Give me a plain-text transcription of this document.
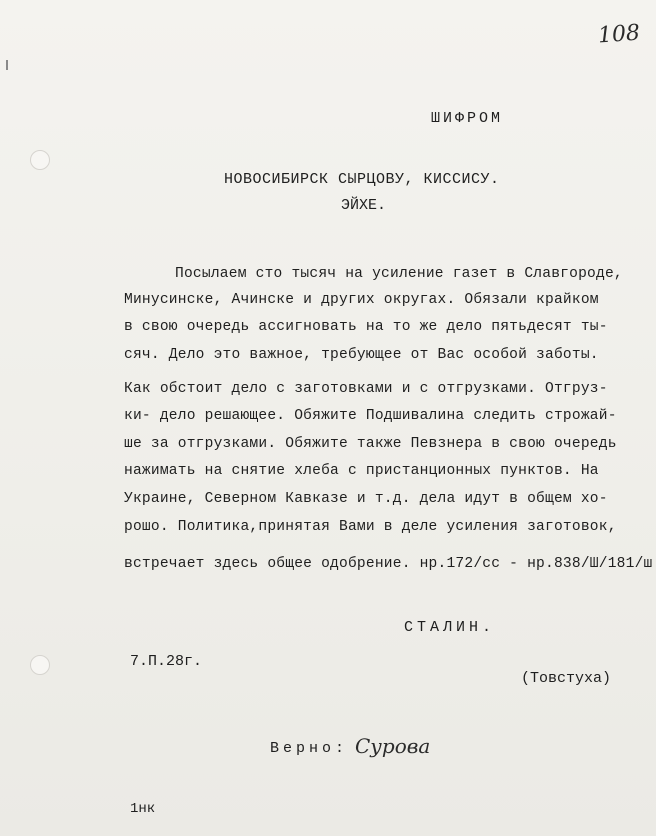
108
ШИФРОМ
НОВОСИБИРСК СЫРЦОВУ, КИССИСУ.
ЭЙХЕ.
Посылаем сто тысяч на усиление газет в Славгороде,
Минусинске, Ачинске и других округах. Обязали крайком
в свою очередь ассигновать на то же дело пятьдесят ты-
сяч. Дело это важное, требующее от Вас особой заботы.
Как обстоит дело с заготовками и с отгрузками. Отгруз-
ки- дело решающее. Обяжите Подшивалина следить строжай-
ше за отгрузками. Обяжите также Певзнера в свою очередь
нажимать на снятие хлеба с пристанционных пунктов. На
Украине, Северном Кавказе и т.д. дела идут в общем хо-
рошо. Политика,принятая Вами в деле усиления заготовок,
встречает здесь общее одобрение. нр.172/сс - нр.838/Ш/181/ш
СТАЛИН.
7.П.28г.
(Товстуха)
Верно: Сурова
1нк
